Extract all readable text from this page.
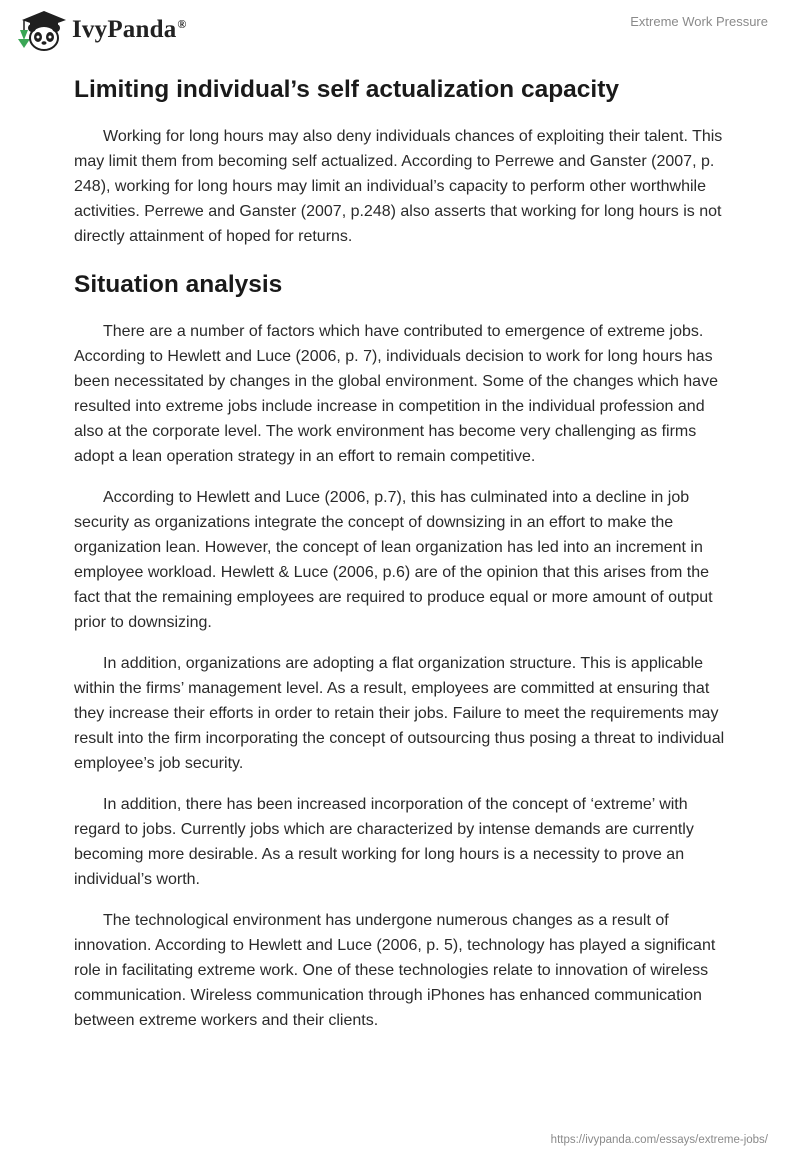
IvyPanda®	Extreme Work Pressure
Limiting individual’s self actualization capacity

Working for long hours may also deny individuals chances of exploiting their talent. This may limit them from becoming self actualized. According to Perrewe and Ganster (2007, p. 248), working for long hours may limit an individual’s capacity to perform other worthwhile activities. Perrewe and Ganster (2007, p.248) also asserts that working for long hours is not directly attainment of hoped for returns.

Situation analysis

There are a number of factors which have contributed to emergence of extreme jobs. According to Hewlett and Luce (2006, p. 7), individuals decision to work for long hours has been necessitated by changes in the global environment. Some of the changes which have resulted into extreme jobs include increase in competition in the individual profession and also at the corporate level. The work environment has become very challenging as firms adopt a lean operation strategy in an effort to remain competitive.

According to Hewlett and Luce (2006, p.7), this has culminated into a decline in job security as organizations integrate the concept of downsizing in an effort to make the organization lean. However, the concept of lean organization has led into an increment in employee workload. Hewlett & Luce (2006, p.6) are of the opinion that this arises from the fact that the remaining employees are required to produce equal or more amount of output prior to downsizing.

In addition, organizations are adopting a flat organization structure. This is applicable within the firms’ management level. As a result, employees are committed at ensuring that they increase their efforts in order to retain their jobs. Failure to meet the requirements may result into the firm incorporating the concept of outsourcing thus posing a threat to individual employee’s job security.

In addition, there has been increased incorporation of the concept of ‘extreme’ with regard to jobs. Currently jobs which are characterized by intense demands are currently becoming more desirable. As a result working for long hours is a necessity to prove an individual’s worth.

The technological environment has undergone numerous changes as a result of innovation. According to Hewlett and Luce (2006, p. 5), technology has played a significant role in facilitating extreme work. One of these technologies relate to innovation of wireless communication. Wireless communication through iPhones has enhanced communication between extreme workers and their clients.

https://ivypanda.com/essays/extreme-jobs/
